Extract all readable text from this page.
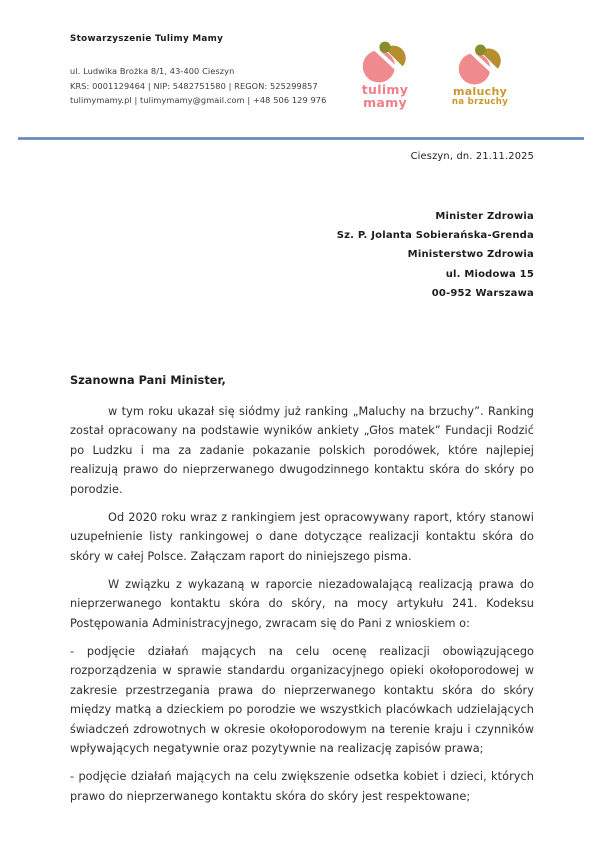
Stowarzyszenie Tulimy Mamy
ul. Ludwika Brożka 8/1, 43-400 Cieszyn
KRS: 0001129464 | NIP: 5482751580 | REGON: 525299857
tulimymamy.pl | tulimymamy@gmail.com | +48 506 129 976
tulimy
mamy
maluchy
na brzuchy
Cieszyn, dn. 21.11.2025
Minister Zdrowia
Sz. P. Jolanta Sobierańska-Grenda
Ministerstwo Zdrowia
ul. Miodowa 15
00-952 Warszawa

Szanowna Pani Minister,

w tym roku ukazał się siódmy już ranking „Maluchy na brzuchy”. Ranking został opracowany na podstawie wyników ankiety „Głos matek” Fundacji Rodzić po Ludzku i ma za zadanie pokazanie polskich porodówek, które najlepiej realizują prawo do nieprzerwanego dwugodzinnego kontaktu skóra do skóry po porodzie.

Od 2020 roku wraz z rankingiem jest opracowywany raport, który stanowi uzupełnienie listy rankingowej o dane dotyczące realizacji kontaktu skóra do skóry w całej Polsce. Załączam raport do niniejszego pisma.

W związku z wykazaną w raporcie niezadowalającą realizacją prawa do nieprzerwanego kontaktu skóra do skóry, na mocy artykułu 241. Kodeksu Postępowania Administracyjnego, zwracam się do Pani z wnioskiem o:

- podjęcie działań mających na celu ocenę realizacji obowiązującego rozporządzenia w sprawie standardu organizacyjnego opieki okołoporodowej w zakresie przestrzegania prawa do nieprzerwanego kontaktu skóra do skóry między matką a dzieckiem po porodzie we wszystkich placówkach udzielających świadczeń zdrowotnych w okresie okołoporodowym na terenie kraju i czynników wpływających negatywnie oraz pozytywnie na realizację zapisów prawa;

- podjęcie działań mających na celu zwiększenie odsetka kobiet i dzieci, których prawo do nieprzerwanego kontaktu skóra do skóry jest respektowane;
